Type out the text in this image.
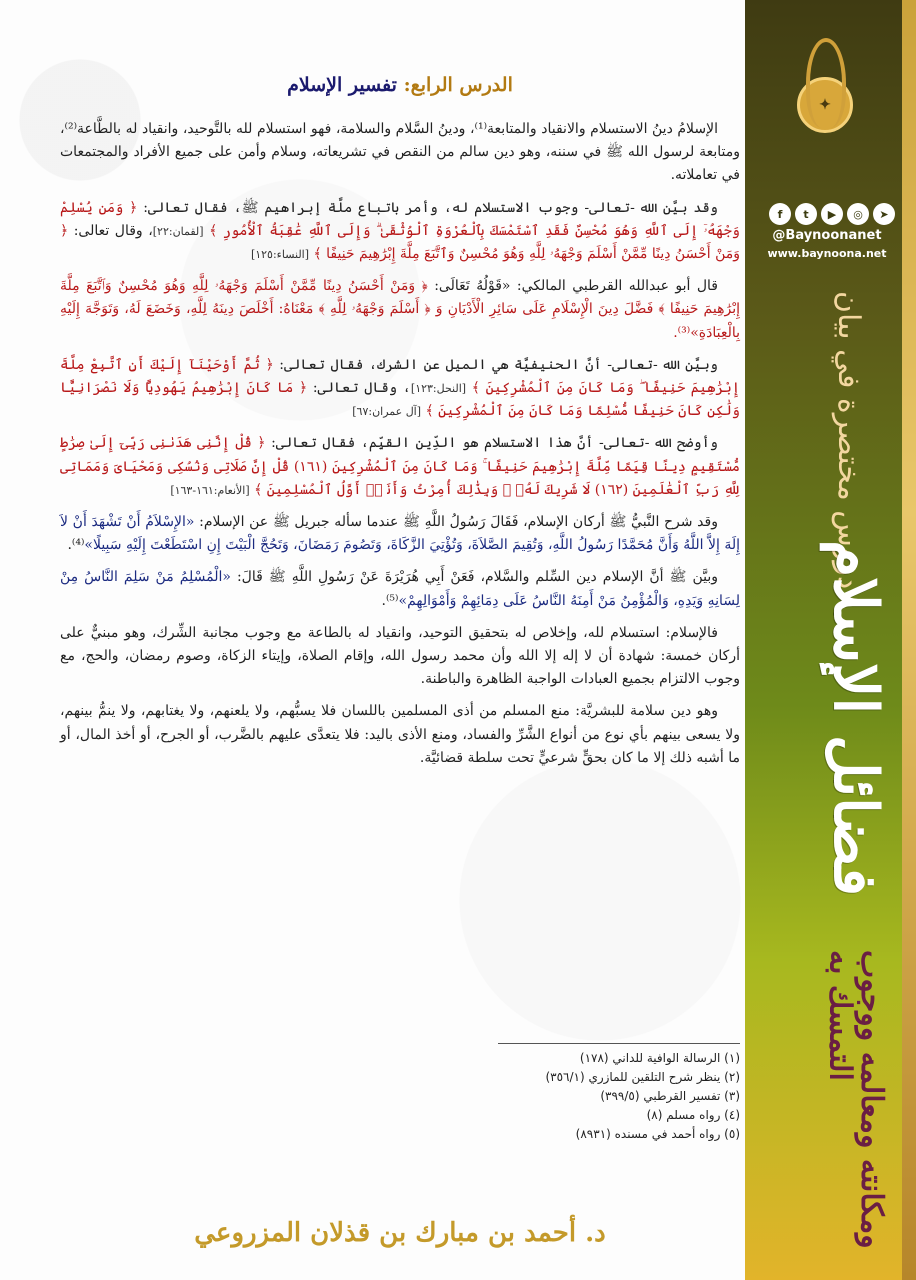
✦
f	t	▶	◎	➤
@Baynoonanet
www.baynoona.net
دروس مختصرة في بيان
فضائل الإسلام
ومكانته ومعالمه ووجوب التمسك به
الدرس الرابع: تفسير الإسلام

الإسلامُ دينُ الاستسلام والانقياد والمتابعة⁽¹⁾، ودينُ السَّلام والسلامة، فهو استسلام لله بالتَّوحيد، وانقياد له بالطَّاعة⁽²⁾، ومتابعة لرسول الله ﷺ في سننه، وهو دين سالم من النقص في تشريعاته، وسلام وأمن على جميع الأفراد والمجتمعات في تعاملاته.

وقد بيَّن الله -تعالى- وجوب الاستسلام له، وأمر باتباع ملَّة إبراهيم ﷺ، فقال تعالى: ﴿ وَمَن يُسْلِمْ وَجْهَهُۥٓ إِلَى ٱللَّهِ وَهُوَ مُحْسِنٌ فَقَدِ ٱسْتَمْسَكَ بِٱلْعُرْوَةِ ٱلْوُثْقَىٰ ۗ وَإِلَى ٱللَّهِ عَٰقِبَةُ ٱلْأُمُورِ ﴾ [لقمان:٢٢]، وقال تعالى: ﴿ وَمَنْ أَحْسَنُ دِينًا مِّمَّنْ أَسْلَمَ وَجْهَهُۥ لِلَّهِ وَهُوَ مُحْسِنٌ وَٱتَّبَعَ مِلَّةَ إِبْرَٰهِيمَ حَنِيفًا ﴾ [النساء:١٢٥]

قال أبو عبدالله القرطبي المالكي: «قَوْلُهُ تَعَالَى: ﴿ وَمَنْ أَحْسَنُ دِينًا مِّمَّنْ أَسْلَمَ وَجْهَهُۥ لِلَّهِ وَهُوَ مُحْسِنٌ وَٱتَّبَعَ مِلَّةَ إِبْرَٰهِيمَ حَنِيفًا ﴾ فَضَّلَ دِينَ الْإِسْلَامِ عَلَى سَائِرِ الْأَدْيَانِ وَ ﴿ أَسْلَمَ وَجْهَهُۥ لِلَّهِ ﴾ مَعْنَاهُ: أَخْلَصَ دِينَهُ لِلَّهِ، وَخَضَعَ لَهُ، وَتَوَجَّهَ إِلَيْهِ بِالْعِبَادَةِ»⁽³⁾.

وبيَّن الله -تعالى- أنَّ الحنيفيَّة هي الميل عن الشرك، فقال تعالى: ﴿ ثُمَّ أَوْحَيْنَآ إِلَيْكَ أَنِ ٱتَّبِعْ مِلَّةَ إِبْرَٰهِيمَ حَنِيفًا ۖ وَمَا كَانَ مِنَ ٱلْمُشْرِكِينَ ﴾ [النحل:١٢٣]، وقال تعالى: ﴿ مَا كَانَ إِبْرَٰهِيمُ يَهُودِيًّا وَلَا نَصْرَانِيًّا وَلَٰكِن كَانَ حَنِيفًا مُّسْلِمًا وَمَا كَانَ مِنَ ٱلْمُشْرِكِينَ ﴾ [آل عمران:٦٧]

وأوضح الله -تعالى- أنَّ هذا الاستسلام هو الدِّين القيِّم، فقال تعالى: ﴿ قُلْ إِنَّنِى هَدَىٰنِى رَبِّىٓ إِلَىٰ صِرَٰطٍ مُّسْتَقِيمٍ دِينًا قِيَمًا مِّلَّةَ إِبْرَٰهِيمَ حَنِيفًا ۚ وَمَا كَانَ مِنَ ٱلْمُشْرِكِينَ (١٦١) قُلْ إِنَّ صَلَاتِى وَنُسُكِى وَمَحْيَاىَ وَمَمَاتِى لِلَّهِ رَبِّ ٱلْعَٰلَمِينَ (١٦٢) لَا شَرِيكَ لَهُۥ ۖ وَبِذَٰلِكَ أُمِرْتُ وَأَنَا۠ أَوَّلُ ٱلْمُسْلِمِينَ ﴾ [الأنعام:١٦١-١٦٣]

وقد شرح النَّبيُّ ﷺ أركان الإسلام، فَقَالَ رَسُولُ اللَّهِ ﷺ عندما سأله جبريل ﷺ عن الإسلام: «الإِسْلاَمُ أَنْ تَشْهَدَ أَنْ لاَ إِلَهَ إِلاَّ اللَّهُ وَأَنَّ مُحَمَّدًا رَسُولُ اللَّهِ، وَتُقِيمَ الصَّلاَةَ، وَتُؤْتِيَ الزَّكَاةَ، وَتَصُومَ رَمَضَانَ، وَتَحُجَّ الْبَيْتَ إِنِ اسْتَطَعْتَ إِلَيْهِ سَبِيلًا»⁽⁴⁾.

وبيَّن ﷺ أنَّ الإسلام دين السِّلم والسَّلام، فَعَنْ أَبِي هُرَيْرَةَ عَنْ رَسُولِ اللَّهِ ﷺ قَالَ: «الْمُسْلِمُ مَنْ سَلِمَ النَّاسُ مِنْ لِسَانِهِ وَيَدِهِ، وَالْمُؤْمِنُ مَنْ أَمِنَهُ النَّاسُ عَلَى دِمَائِهِمْ وَأَمْوَالِهِمْ»⁽⁵⁾.

فالإسلام: استسلام لله، وإخلاص له بتحقيق التوحيد، وانقياد له بالطاعة مع وجوب مجانبة الشِّرك، وهو مبنيٌّ على أركان خمسة: شهادة أن لا إله إلا الله وأن محمد رسول الله، وإقام الصلاة، وإيتاء الزكاة، وصوم رمضان، والحج، مع وجوب الالتزام بجميع العبادات الواجبة الظاهرة والباطنة.

وهو دين سلامة للبشريَّة: منع المسلم من أذى المسلمين باللسان فلا يسبُّهم، ولا يلعنهم، ولا يغتابهم، ولا ينمُّ بينهم، ولا يسعى بينهم بأي نوع من أنواع الشَّرِّ والفساد، ومنع الأذى باليد: فلا يتعدَّى عليهم بالضَّرب، أو الجرح، أو أخذ المال، أو ما أشبه ذلك إلا ما كان بحقٍّ شرعيٍّ تحت سلطة قضائيَّة.

(١) الرسالة الوافية للداني (١٧٨)
(٢) ينظر شرح التلقين للمازري (٣٥٦/١)
(٣) تفسير القرطبي (٣٩٩/٥)
(٤) رواه مسلم (٨)
(٥) رواه أحمد في مسنده (٨٩٣١)
د. أحمد بن مبارك بن قذلان المزروعي
